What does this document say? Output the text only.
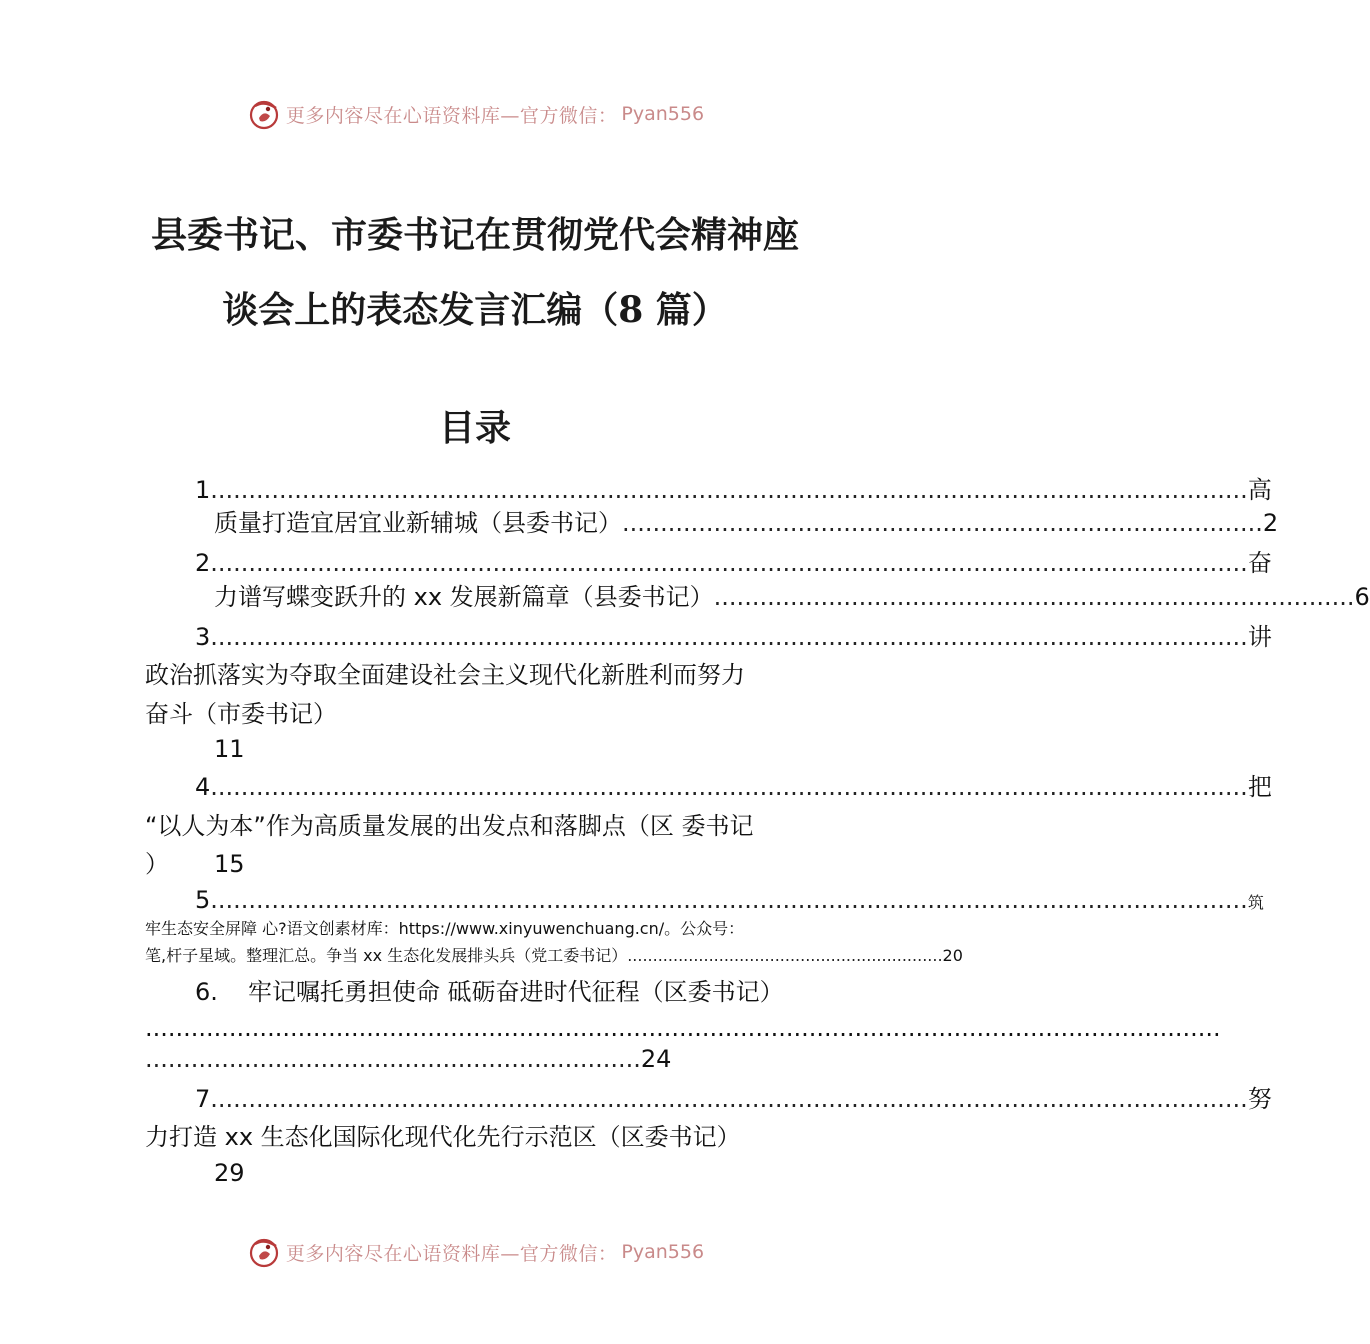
更多内容尽在心语资料库—官方微信： Pyan556
县委书记、市委书记在贯彻党代会精神座
谈会上的表态发言汇编（8 篇）
目录
1 ........................................................................................................................................ 高
质量打造宜居宜业新辅城（县委书记） .................................................................................... 2
2 ........................................................................................................................................ 奋
力谱写蝶变跃升的 xx 发展新篇章（县委书记） .................................................................................... 6
3 ........................................................................................................................................ 讲
政治抓落实为夺取全面建设社会主义现代化新胜利而努力
奋斗（市委书记）
11
4 ........................................................................................................................................ 把
“以人为本”作为高质量发展的出发点和落脚点（区 委书记
） 15
5 ........................................................................................................................................ 筑
牢生态安全屏障 心?语文创素材库：https://www.xinyuwenchuang.cn/。公众号：
笔,杆子星域。整理汇总。争当 xx 生态化发展排头兵（党工委书记） .............................................................. 20
6. 牢记嘱托勇担使命 砥砺奋进时代征程（区委书记）
.............................................................................................................................................
................................................................. 24
7 ........................................................................................................................................ 努
力打造 xx 生态化国际化现代化先行示范区（区委书记）
29
更多内容尽在心语资料库—官方微信： Pyan556
